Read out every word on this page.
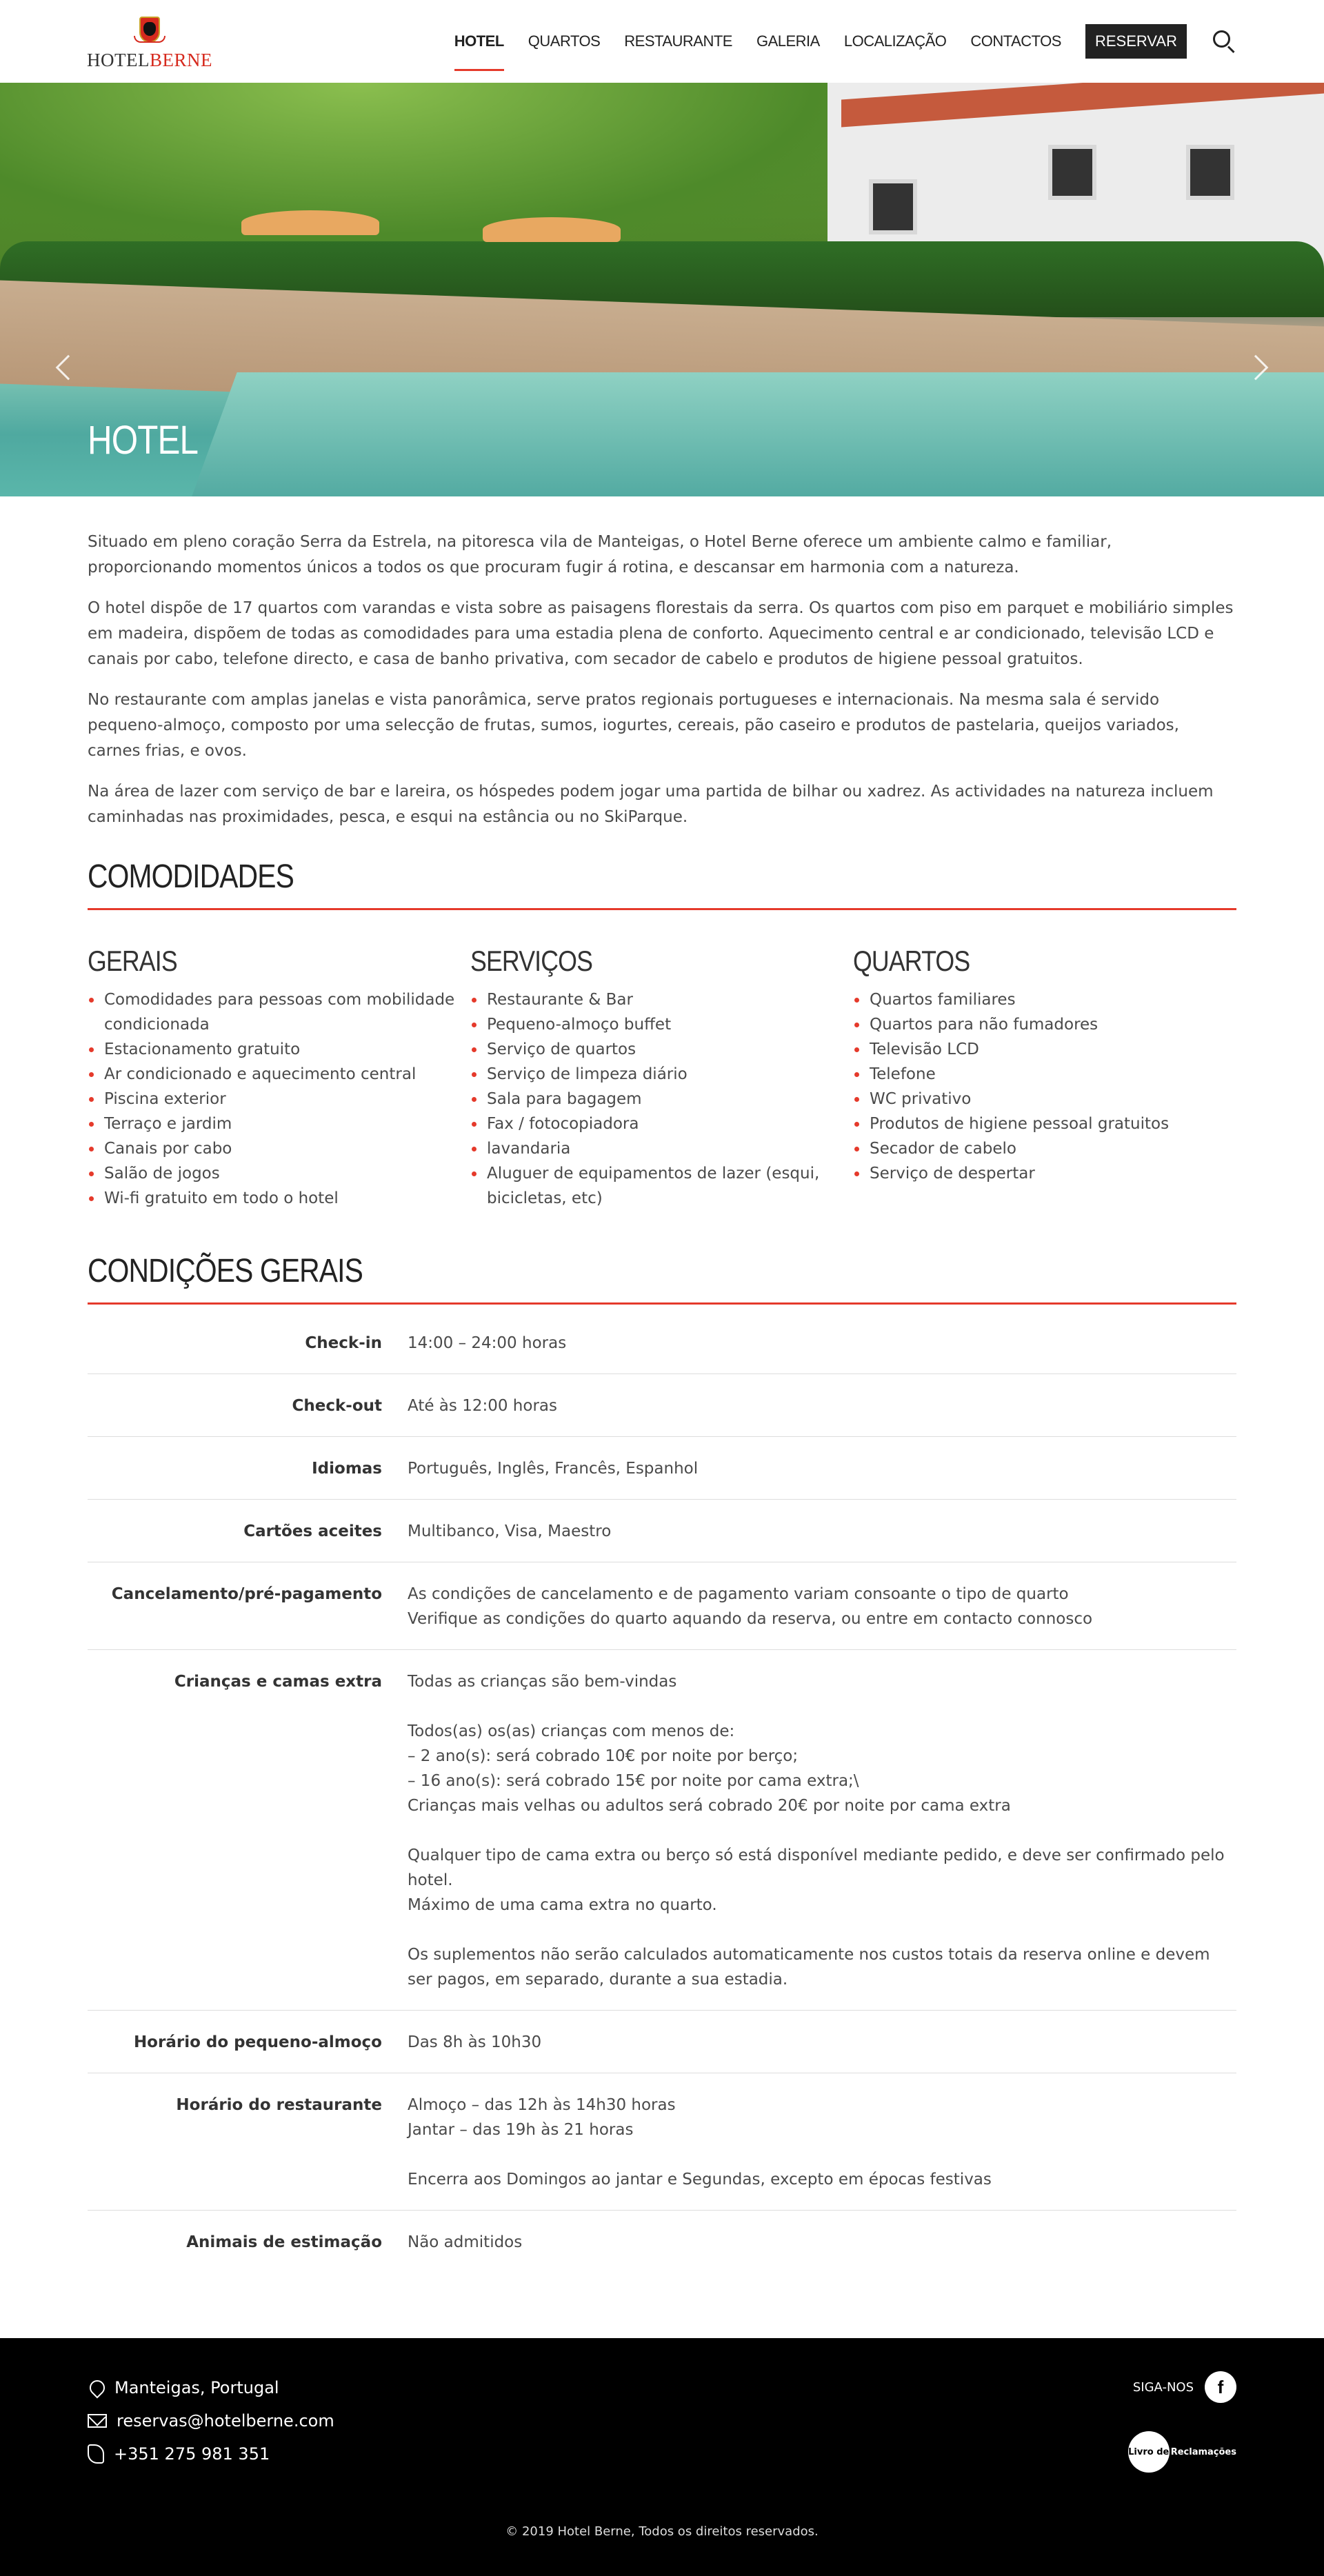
HOTELBERNE
HOTEL QUARTOS RESTAURANTE GALERIA LOCALIZAÇÃO CONTACTOS	RESERVAR
HOTEL

Situado em pleno coração Serra da Estrela, na pitoresca vila de Manteigas, o Hotel Berne oferece um ambiente calmo e familiar, proporcionando momentos únicos a todos os que procuram fugir á rotina, e descansar em harmonia com a natureza.

O hotel dispõe de 17 quartos com varandas e vista sobre as paisagens florestais da serra. Os quartos com piso em parquet e mobiliário simples em madeira, dispõem de todas as comodidades para uma estadia plena de conforto. Aquecimento central e ar condicionado, televisão LCD e canais por cabo, telefone directo, e casa de banho privativa, com secador de cabelo e produtos de higiene pessoal gratuitos.

No restaurante com amplas janelas e vista panorâmica, serve pratos regionais portugueses e internacionais. Na mesma sala é servido pequeno-almoço, composto por uma selecção de frutas, sumos, iogurtes, cereais, pão caseiro e produtos de pastelaria, queijos variados, carnes frias, e ovos.

Na área de lazer com serviço de bar e lareira, os hóspedes podem jogar uma partida de bilhar ou xadrez. As actividades na natureza incluem caminhadas nas proximidades, pesca, e esqui na estância ou no SkiParque.

COMODIDADES
GERAIS
Comodidades para pessoas com mobilidade condicionada
Estacionamento gratuito
Ar condicionado e aquecimento central
Piscina exterior
Terraço e jardim
Canais por cabo
Salão de jogos
Wi-fi gratuito em todo o hotel
SERVIÇOS
Restaurante & Bar
Pequeno-almoço buffet
Serviço de quartos
Serviço de limpeza diário
Sala para bagagem
Fax / fotocopiadora
lavandaria
Aluguer de equipamentos de lazer (esqui, bicicletas, etc)
QUARTOS
Quartos familiares
Quartos para não fumadores
Televisão LCD
Telefone
WC privativo
Produtos de higiene pessoal gratuitos
Secador de cabelo
Serviço de despertar
CONDIÇÕES GERAIS
Check-in	14:00 – 24:00 horas
Check-out	Até às 12:00 horas
Idiomas	Português, Inglês, Francês, Espanhol
Cartões aceites	Multibanco, Visa, Maestro
Cancelamento/pré-pagamento	As condições de cancelamento e de pagamento variam consoante o tipo de quarto
Verifique as condições do quarto aquando da reserva, ou entre em contacto connosco
Crianças e camas extra	Todas as crianças são bem-vindas
Todos(as) os(as) crianças com menos de:
– 2 ano(s): será cobrado 10€ por noite por berço;
– 16 ano(s): será cobrado 15€ por noite por cama extra;\
Crianças mais velhas ou adultos será cobrado 20€ por noite por cama extra
Qualquer tipo de cama extra ou berço só está disponível mediante pedido, e deve ser confirmado pelo hotel.
Máximo de uma cama extra no quarto.
Os suplementos não serão calculados automaticamente nos custos totais da reserva online e devem ser pagos, em separado, durante a sua estadia.
Horário do pequeno-almoço	Das 8h às 10h30
Horário do restaurante	Almoço – das 12h às 14h30 horas
Jantar – das 19h às 21 horas
Encerra aos Domingos ao jantar e Segundas, excepto em épocas festivas
Animais de estimação	Não admitidos
Manteigas, Portugal
reservas@hotelberne.com
+351 275 981 351
SIGA-NOS	f
Livro de Reclamações
© 2019 Hotel Berne, Todos os direitos reservados.
